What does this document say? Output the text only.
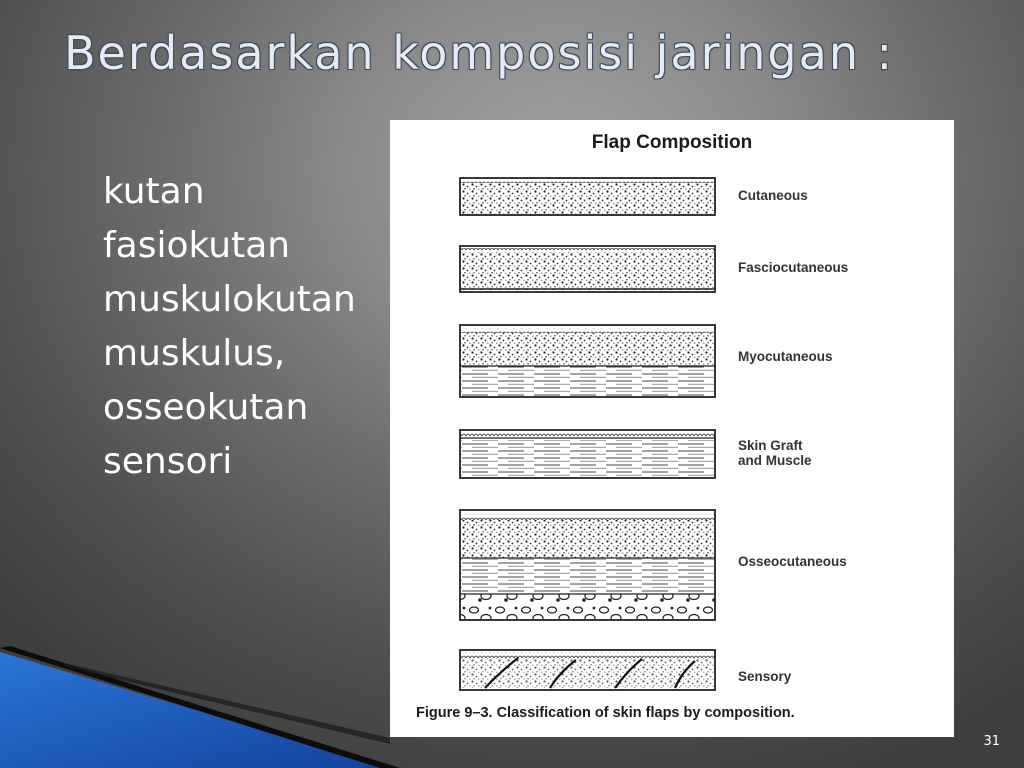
Berdasarkan komposisi jaringan :
kutan
fasiokutan
muskulokutan
muskulus,
osseokutan
sensori
Flap Composition
Cutaneous
Fasciocutaneous
Myocutaneous
Skin Graft
and Muscle
Osseocutaneous
Sensory
Figure 9–3. Classification of skin flaps by composition.
31
